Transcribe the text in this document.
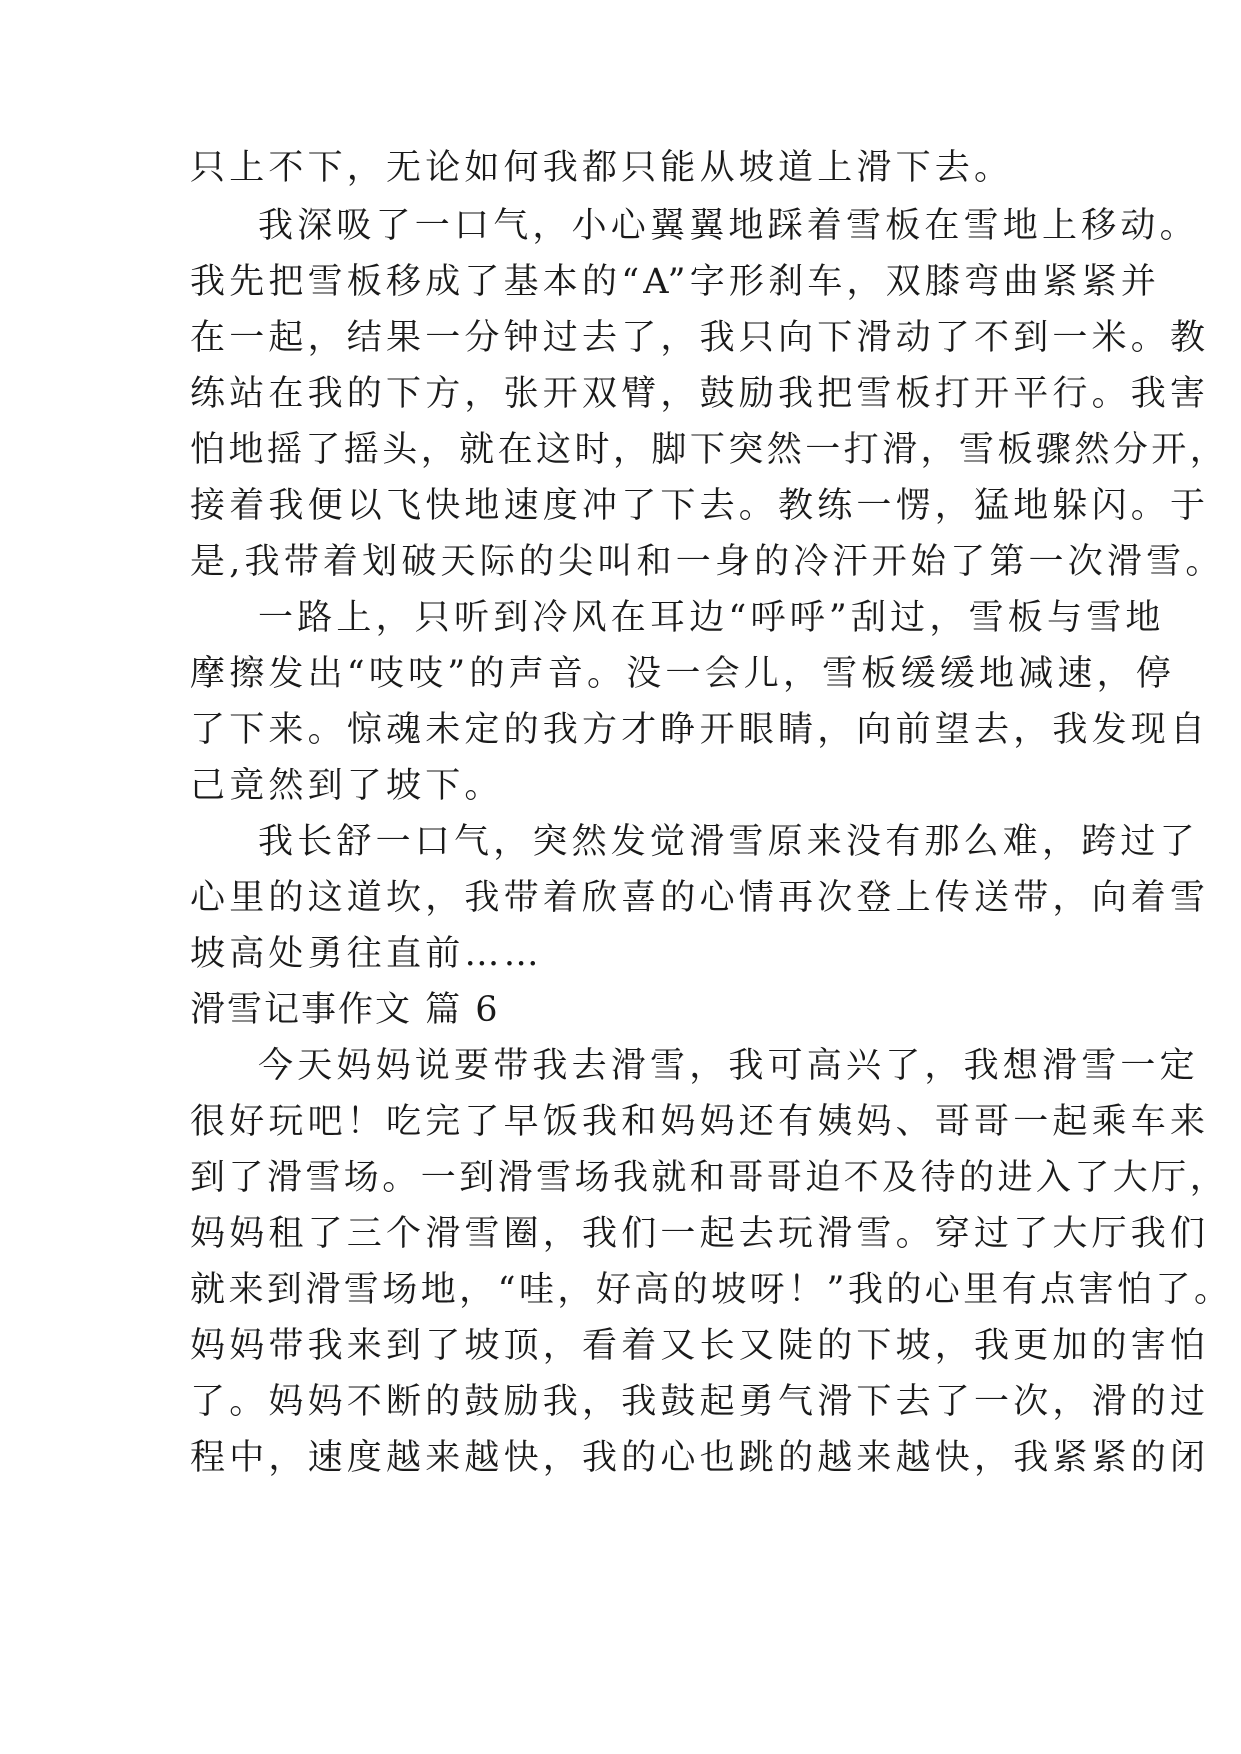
只上不下，无论如何我都只能从坡道上滑下去。
我深吸了一口气，小心翼翼地踩着雪板在雪地上移动。
我先把雪板移成了基本的“A”字形刹车，双膝弯曲紧紧并
在一起，结果一分钟过去了，我只向下滑动了不到一米。教
练站在我的下方，张开双臂，鼓励我把雪板打开平行。我害
怕地摇了摇头，就在这时，脚下突然一打滑，雪板骤然分开，
接着我便以飞快地速度冲了下去。教练一愣，猛地躲闪。于
是,我带着划破天际的尖叫和一身的冷汗开始了第一次滑雪。
一路上，只听到冷风在耳边“呼呼”刮过，雪板与雪地
摩擦发出“吱吱”的声音。没一会儿，雪板缓缓地减速，停
了下来。惊魂未定的我方才睁开眼睛，向前望去，我发现自
己竟然到了坡下。
我长舒一口气，突然发觉滑雪原来没有那么难，跨过了
心里的这道坎，我带着欣喜的心情再次登上传送带，向着雪
坡高处勇往直前……
滑雪记事作文 篇 6
今天妈妈说要带我去滑雪，我可高兴了，我想滑雪一定
很好玩吧！吃完了早饭我和妈妈还有姨妈、哥哥一起乘车来
到了滑雪场。一到滑雪场我就和哥哥迫不及待的进入了大厅，
妈妈租了三个滑雪圈，我们一起去玩滑雪。穿过了大厅我们
就来到滑雪场地，“哇，好高的坡呀！”我的心里有点害怕了。
妈妈带我来到了坡顶，看着又长又陡的下坡，我更加的害怕
了。妈妈不断的鼓励我，我鼓起勇气滑下去了一次，滑的过
程中，速度越来越快，我的心也跳的越来越快，我紧紧的闭
